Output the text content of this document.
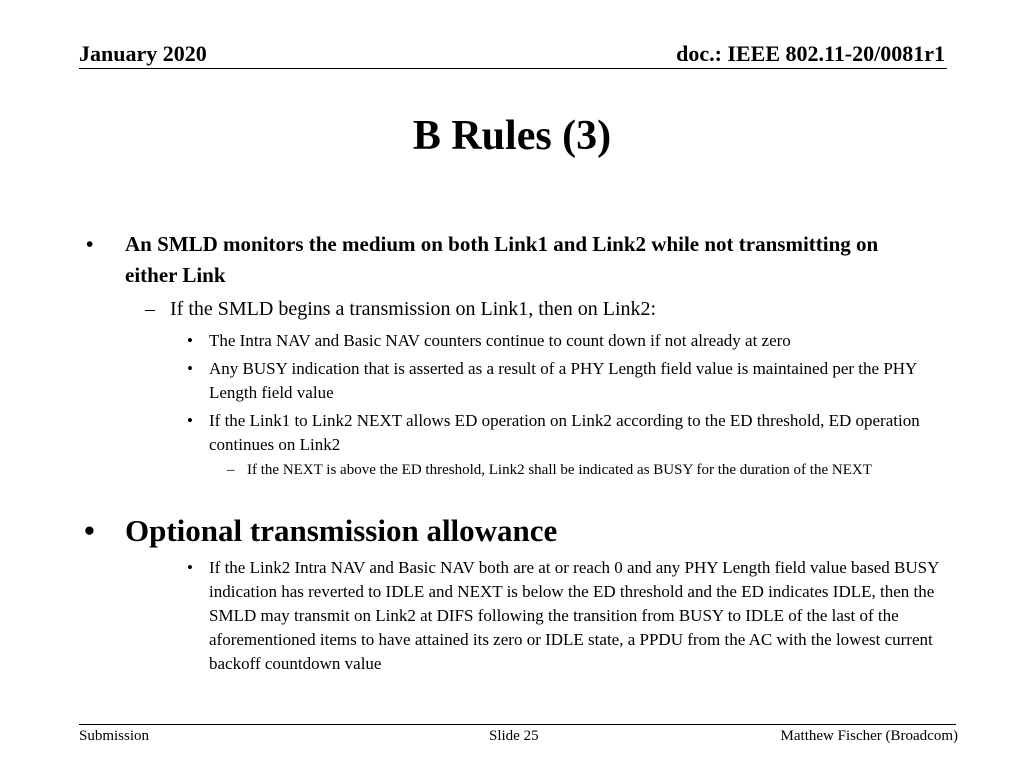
January 2020	doc.: IEEE 802.11-20/0081r1
B Rules (3)
• An SMLD monitors the medium on both Link1 and Link2 while not transmitting on either Link

– If the SMLD begins a transmission on Link1, then on Link2:

• The Intra NAV and Basic NAV counters continue to count down if not already at zero

• Any BUSY indication that is asserted as a result of a PHY Length field value is maintained per the PHY Length field value

• If the Link1 to Link2 NEXT allows ED operation on Link2 according to the ED threshold, ED operation continues on Link2

– If the NEXT is above the ED threshold, Link2 shall be indicated as BUSY for the duration of the NEXT

• Optional transmission allowance

• If the Link2 Intra NAV and Basic NAV both are at or reach 0 and any PHY Length field value based BUSY indication has reverted to IDLE and NEXT is below the ED threshold and the ED indicates IDLE, then the SMLD may transmit on Link2 at DIFS following the transition from BUSY to IDLE of the last of the aforementioned items to have attained its zero or IDLE state, a PPDU from the AC with the lowest current backoff countdown value

Submission	Slide 25	Matthew Fischer (Broadcom)
